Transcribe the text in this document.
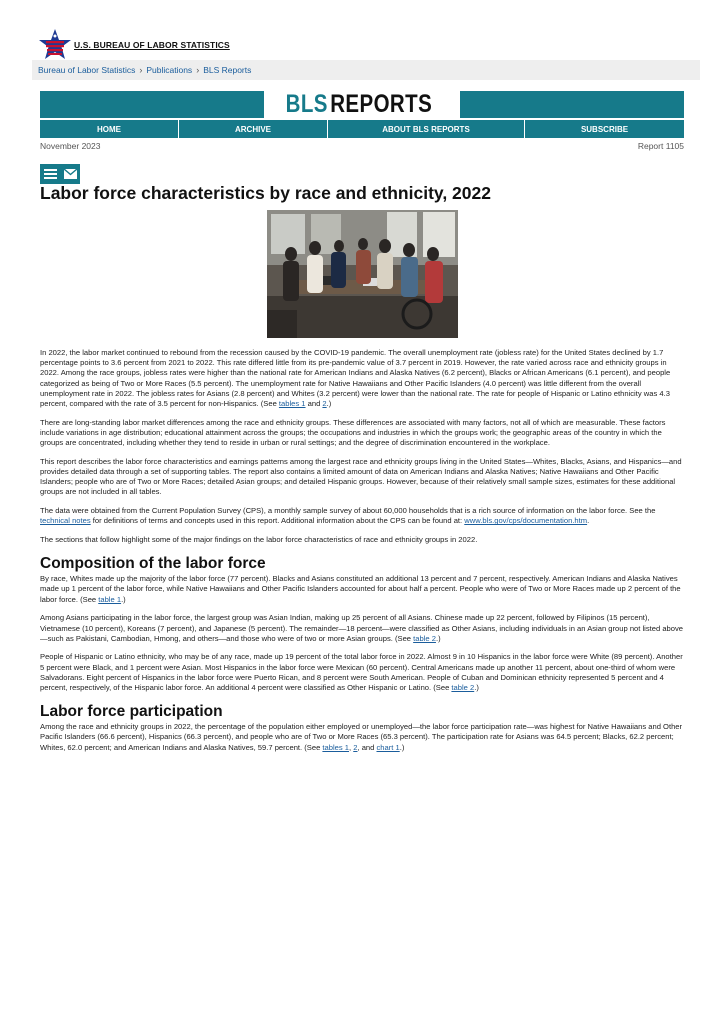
U.S. BUREAU OF LABOR STATISTICS
Bureau of Labor Statistics › Publications › BLS Reports
BLS REPORTS
HOME	ARCHIVE	ABOUT BLS REPORTS	SUBSCRIBE
November 2023	Report 1105
Labor force characteristics by race and ethnicity, 2022

In 2022, the labor market continued to rebound from the recession caused by the COVID-19 pandemic. The overall unemployment rate (jobless rate) for the United States declined by 1.7 percentage points to 3.6 percent from 2021 to 2022. This rate differed little from its pre-pandemic value of 3.7 percent in 2019. However, the rate varied across race and ethnicity groups in 2022. Among the race groups, jobless rates were higher than the national rate for American Indians and Alaska Natives (6.2 percent), Blacks or African Americans (6.1 percent), and people categorized as being of Two or More Races (5.5 percent). The unemployment rate for Native Hawaiians and Other Pacific Islanders (4.0 percent) was little different from the overall unemployment rate in 2022. The jobless rates for Asians (2.8 percent) and Whites (3.2 percent) were lower than the national rate. The rate for people of Hispanic or Latino ethnicity was 4.3 percent, compared with the rate of 3.5 percent for non-Hispanics. (See tables 1 and 2.)

There are long-standing labor market differences among the race and ethnicity groups. These differences are associated with many factors, not all of which are measurable. These factors include variations in age distribution; educational attainment across the groups; the occupations and industries in which the groups work; the geographic areas of the country in which the groups are concentrated, including whether they tend to reside in urban or rural settings; and the degree of discrimination encountered in the workplace.

This report describes the labor force characteristics and earnings patterns among the largest race and ethnicity groups living in the United States—Whites, Blacks, Asians, and Hispanics—and provides detailed data through a set of supporting tables. The report also contains a limited amount of data on American Indians and Alaska Natives; Native Hawaiians and Other Pacific Islanders; people who are of Two or More Races; detailed Asian groups; and detailed Hispanic groups. However, because of their relatively small sample sizes, estimates for these additional groups are not included in all tables.

The data were obtained from the Current Population Survey (CPS), a monthly sample survey of about 60,000 households that is a rich source of information on the labor force. See the technical notes for definitions of terms and concepts used in this report. Additional information about the CPS can be found at: www.bls.gov/cps/documentation.htm.

The sections that follow highlight some of the major findings on the labor force characteristics of race and ethnicity groups in 2022.

Composition of the labor force

By race, Whites made up the majority of the labor force (77 percent). Blacks and Asians constituted an additional 13 percent and 7 percent, respectively. American Indians and Alaska Natives made up 1 percent of the labor force, while Native Hawaiians and Other Pacific Islanders accounted for about half a percent. People who were of Two or More Races made up 2 percent of the labor force. (See table 1.)

Among Asians participating in the labor force, the largest group was Asian Indian, making up 25 percent of all Asians. Chinese made up 22 percent, followed by Filipinos (15 percent), Vietnamese (10 percent), Koreans (7 percent), and Japanese (5 percent). The remainder—18 percent—were classified as Other Asians, including individuals in an Asian group not listed above—such as Pakistani, Cambodian, Hmong, and others—and those who were of two or more Asian groups. (See table 2.)

People of Hispanic or Latino ethnicity, who may be of any race, made up 19 percent of the total labor force in 2022. Almost 9 in 10 Hispanics in the labor force were White (89 percent). Another 5 percent were Black, and 1 percent were Asian. Most Hispanics in the labor force were Mexican (60 percent). Central Americans made up another 11 percent, about one-third of whom were Salvadorans. Eight percent of Hispanics in the labor force were Puerto Rican, and 8 percent were South American. People of Cuban and Dominican ethnicity represented 5 percent and 4 percent, respectively, of the Hispanic labor force. An additional 4 percent were classified as Other Hispanic or Latino. (See table 2.)

Labor force participation

Among the race and ethnicity groups in 2022, the percentage of the population either employed or unemployed—the labor force participation rate—was highest for Native Hawaiians and Other Pacific Islanders (66.6 percent), Hispanics (66.3 percent), and people who are of Two or More Races (65.3 percent). The participation rate for Asians was 64.5 percent; Blacks, 62.2 percent; Whites, 62.0 percent; and American Indians and Alaska Natives, 59.7 percent. (See tables 1, 2, and chart 1.)
